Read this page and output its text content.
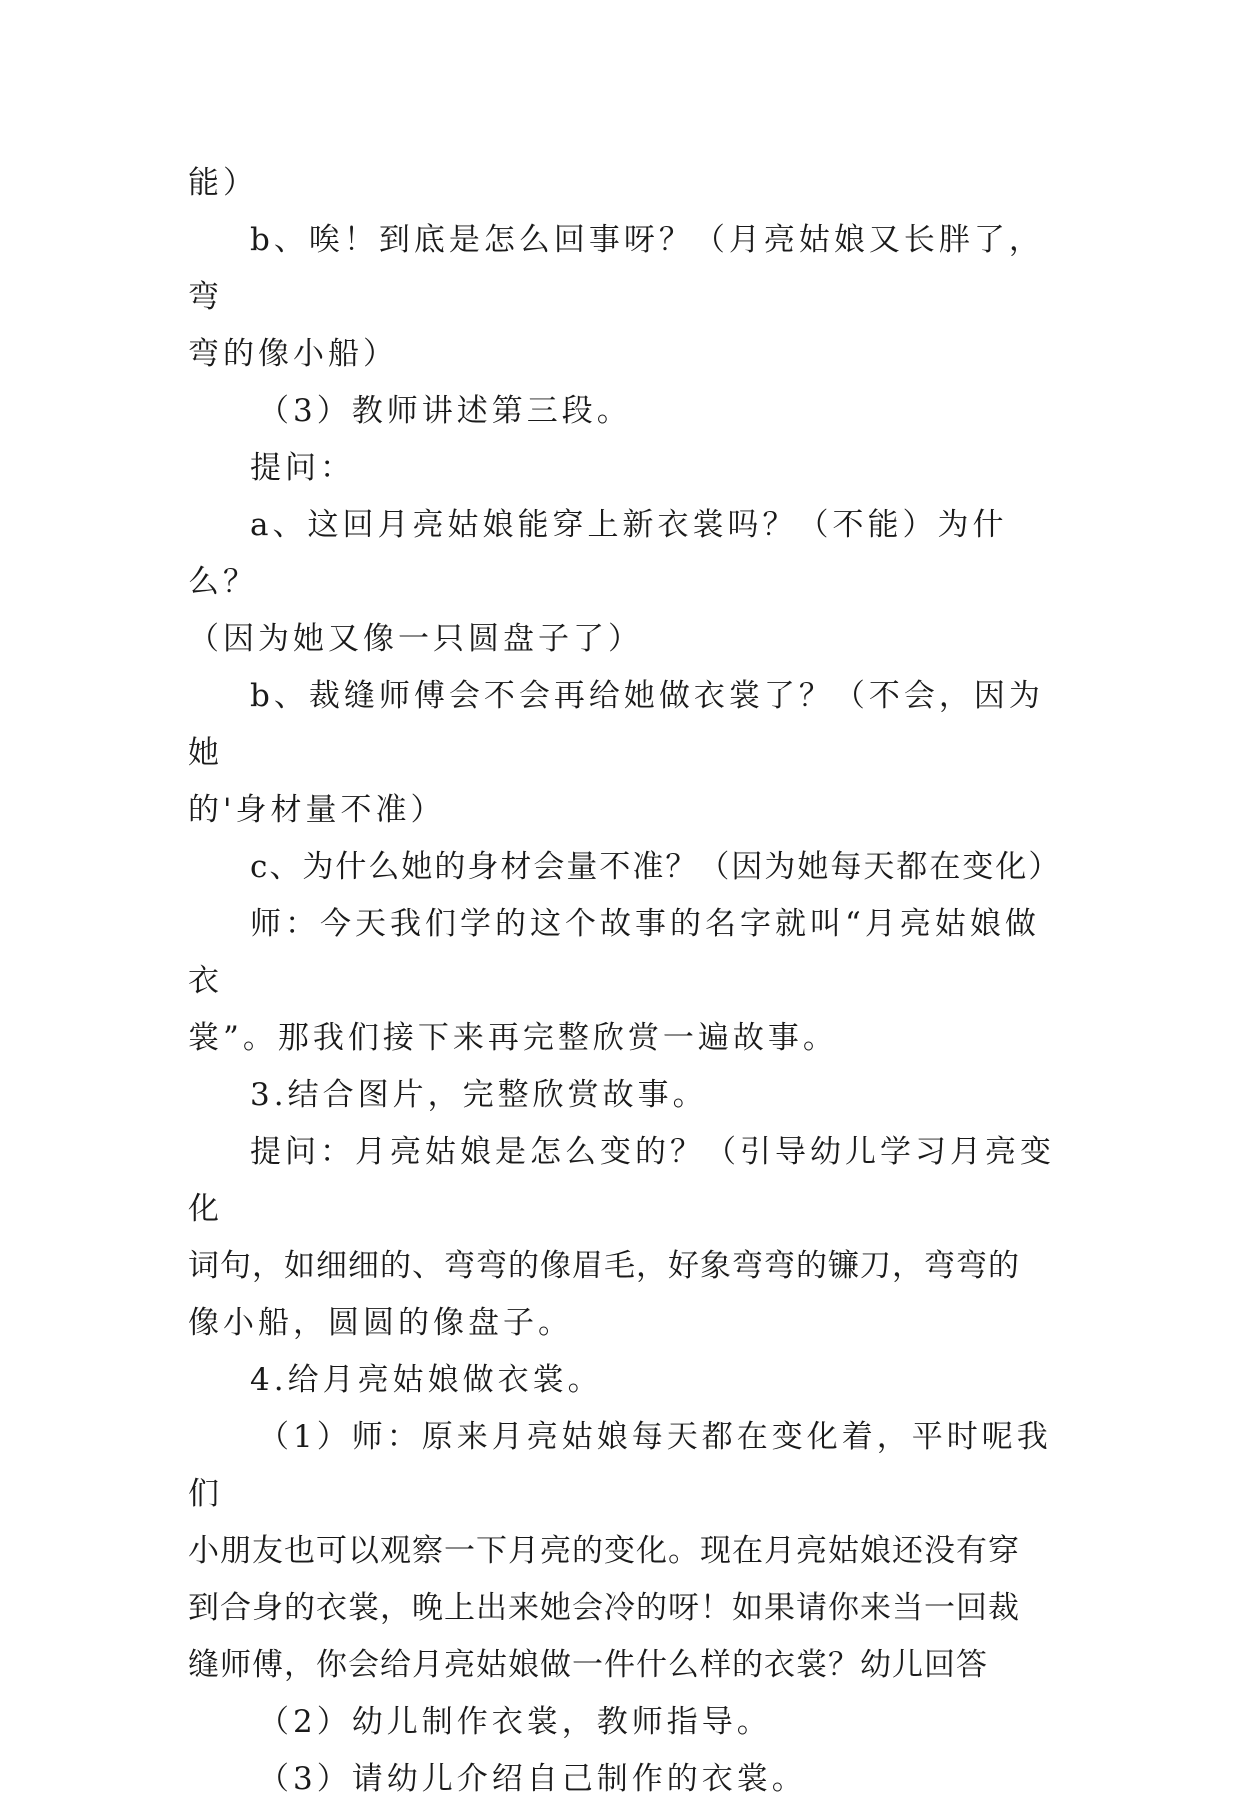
能）

b、唉！到底是怎么回事呀？（月亮姑娘又长胖了，弯
弯的像小船）

（3）教师讲述第三段。

提问：

a、这回月亮姑娘能穿上新衣裳吗？（不能）为什么？
（因为她又像一只圆盘子了）

b、裁缝师傅会不会再给她做衣裳了？（不会，因为她
的'身材量不准）

c、为什么她的身材会量不准？（因为她每天都在变化）

师：今天我们学的这个故事的名字就叫“月亮姑娘做衣
裳”。那我们接下来再完整欣赏一遍故事。

3.结合图片，完整欣赏故事。

提问：月亮姑娘是怎么变的？（引导幼儿学习月亮变化
词句，如细细的、弯弯的像眉毛，好象弯弯的镰刀，弯弯的
像小船，圆圆的像盘子。

4.给月亮姑娘做衣裳。

（1）师：原来月亮姑娘每天都在变化着，平时呢我们
小朋友也可以观察一下月亮的变化。现在月亮姑娘还没有穿
到合身的衣裳，晚上出来她会冷的呀！如果请你来当一回裁
缝师傅，你会给月亮姑娘做一件什么样的衣裳？幼儿回答

（2）幼儿制作衣裳，教师指导。

（3）请幼儿介绍自己制作的衣裳。
